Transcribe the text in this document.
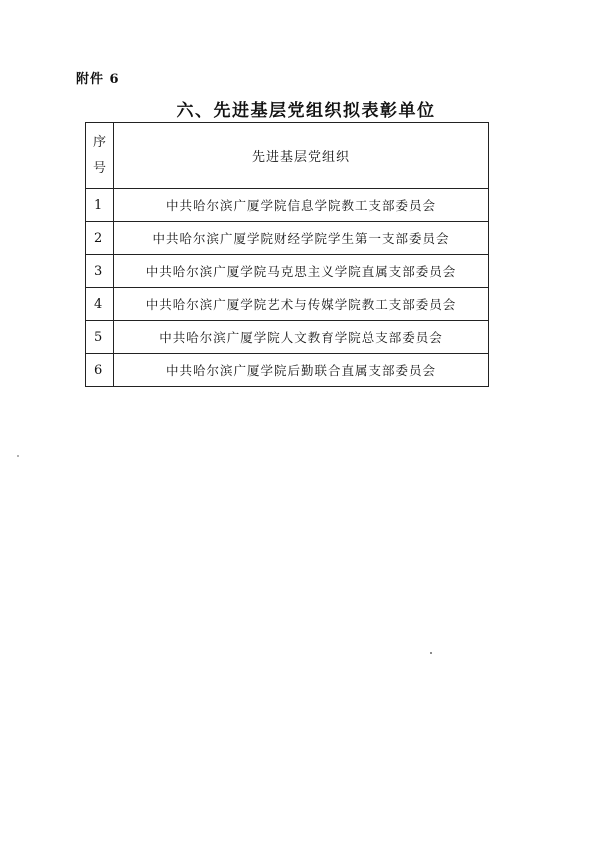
附件 6
六、先进基层党组织拟表彰单位
序
号	先进基层党组织
1	中共哈尔滨广厦学院信息学院教工支部委员会
2	中共哈尔滨广厦学院财经学院学生第一支部委员会
3	中共哈尔滨广厦学院马克思主义学院直属支部委员会
4	中共哈尔滨广厦学院艺术与传媒学院教工支部委员会
5	中共哈尔滨广厦学院人文教育学院总支部委员会
6	中共哈尔滨广厦学院后勤联合直属支部委员会
